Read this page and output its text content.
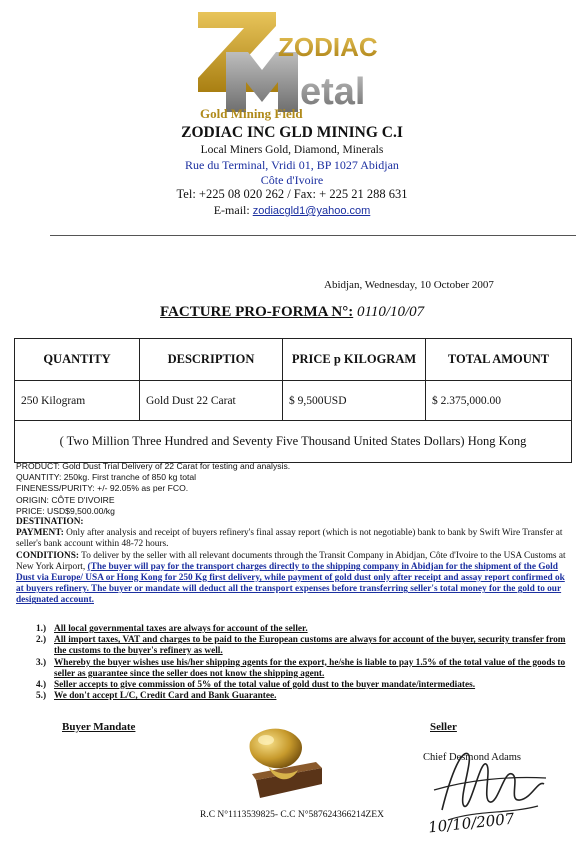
ZODIAC
etal
Gold Mining Field
ZODIAC INC GLD MINING C.I
Local Miners Gold, Diamond, Minerals
Rue du Terminal, Vridi 01, BP 1027 Abidjan
Côte d'Ivoire
Tel: +225 08 020 262 / Fax: + 225 21 288 631
E-mail: zodiacgld1@yahoo.com
Abidjan, Wednesday, 10 October 2007
FACTURE PRO-FORMA N°: 0110/10/07
QUANTITY	DESCRIPTION	PRICE p KILOGRAM	TOTAL AMOUNT
250 Kilogram	Gold Dust 22 Carat	$ 9,500USD	$ 2.375,000.00
( Two Million Three Hundred and Seventy Five Thousand United States Dollars) Hong Kong			
PRODUCT: Gold Dust Trial Delivery of 22 Carat for testing and analysis.
QUANTITY: 250kg. First tranche of 850 kg total
FINENESS/PURITY: +/- 92.05% as per FCO.
ORIGIN: CÔTE D'IVOIRE
PRICE: USD$9,500.00/kg
DESTINATION:
PAYMENT: Only after analysis and receipt of buyers refinery's final assay report (which is not negotiable) bank to bank by Swift Wire Transfer at seller's bank account within 48-72 hours.
CONDITIONS: To deliver by the seller with all relevant documents through the Transit Company in Abidjan, Côte d'Ivoire to the USA Customs at New York Airport, (The buyer will pay for the transport charges directly to the shipping company in Abidjan for the shipment of the Gold Dust via Europe/ USA or Hong Kong for 250 Kg first delivery, while payment of gold dust only after receipt and assay report confirmed ok at buyers refinery. The buyer or mandate will deduct all the transport expenses before transferring seller's total money for the gold to our designated account.
1.) All local governmental taxes are always for account of the seller.
2.) All import taxes, VAT and charges to be paid to the European customs are always for account of the buyer, security transfer from the customs to the buyer's refinery as well.
3.) Whereby the buyer wishes use his/her shipping agents for the export, he/she is liable to pay 1.5% of the total value of the goods to seller as guarantee since the seller does not know the shipping agent.
4.) Seller accepts to give commission of 5% of the total value of gold dust to the buyer mandate/intermediates.
5.) We don't accept L/C, Credit Card and Bank Guarantee.
Buyer Mandate	Seller
Chief Desmond Adams
R.C N°1113539825- C.C N°587624366214ZEX	10/10/2007
